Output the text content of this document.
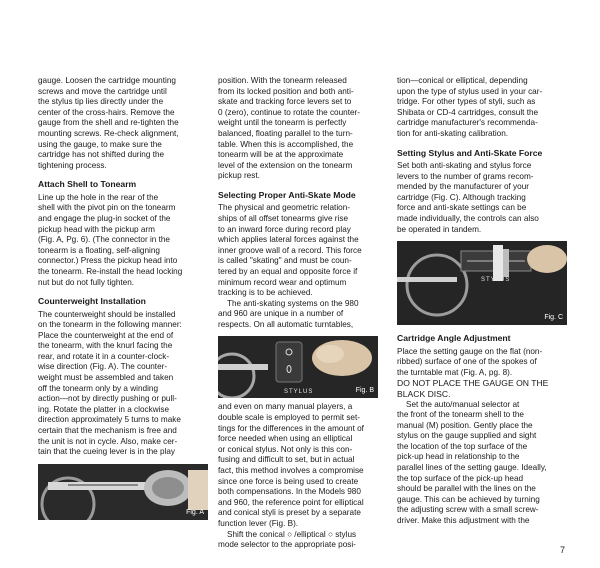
gauge. Loosen the cartridge mounting
screws and move the cartridge until
the stylus tip lies directly under the
center of the cross-hairs. Remove the
gauge from the shell and re-tighten the
mounting screws. Re-check alignment,
using the gauge, to make sure the
cartridge has not shifted during the
tightening process.

Attach Shell to Tonearm

Line up the hole in the rear of the
shell with the pivot pin on the tonearm
and engage the plug-in socket of the
pickup head with the pickup arm
(Fig. A, Pg. 6). (The connector in the
tonearm is a floating, self-aligning
connector.) Press the pickup head into
the tonearm. Re-install the head locking
nut but do not fully tighten.

Counterweight Installation

The counterweight should be installed
on the tonearm in the following manner:
Place the counterweight at the end of
the tonearm, with the knurl facing the
rear, and rotate it in a counter-clock-
wise direction (Fig. A). The counter-
weight must be assembled and taken
off the tonearm only by a winding
action—not by directly pushing or pull-
ing. Rotate the platter in a clockwise
direction approximately 5 turns to make
certain that the mechanism is free and
the unit is not in cycle. Also, make cer-
tain that the cueing lever is in the play

Fig. A

position. With the tonearm released
from its locked position and both anti-
skate and tracking force levers set to
0 (zero), continue to rotate the counter-
weight until the tonearm is perfectly
balanced, floating parallel to the turn-
table. When this is accomplished, the
tonearm will be at the approximate
level of the extension on the tonearm
pickup rest.

Selecting Proper Anti-Skate Mode

The physical and geometric relation-
ships of all offset tonearms give rise
to an inward force during record play
which applies lateral forces against the
inner groove wall of a record. This force
is called "skating" and must be coun-
tered by an equal and opposite force if
minimum record wear and optimum
tracking is to be achieved.

The anti-skating systems on the 980
and 960 are unique in a number of
respects. On all automatic turntables,

STYLUS	Fig. B

and even on many manual players, a
double scale is employed to permit set-
tings for the differences in the amount of
force needed when using an elliptical
or conical stylus. Not only is this con-
fusing and difficult to set, but in actual
fact, this method involves a compromise
since one force is being used to create
both compensations. In the Models 980
and 960, the reference point for elliptical
and conical styli is preset by a separate
function lever (Fig. B).

Shift the conical ○ /elliptical ○ stylus
mode selector to the appropriate posi-

tion—conical or elliptical, depending
upon the type of stylus used in your car-
tridge. For other types of styli, such as
Shibata or CD-4 cartridges, consult the
cartridge manufacturer's recommenda-
tion for anti-skating calibration.

Setting Stylus and Anti-Skate Force

Set both anti-skating and stylus force
levers to the number of grams recom-
mended by the manufacturer of your
cartridge (Fig. C). Although tracking
force and anti-skate settings can be
made individually, the controls can also
be operated in tandem.

STYLUS
Fig. C
Cartridge Angle Adjustment

Place the setting gauge on the flat (non-
ribbed) surface of one of the spokes of
the turntable mat (Fig. A, pg. 8).

DO NOT PLACE THE GAUGE ON THE
BLACK DISC.

Set the auto/manual selector at
the front of the tonearm shell to the
manual (M) position. Gently place the
stylus on the gauge supplied and sight
the location of the top surface of the
pick-up head in relationship to the
parallel lines of the setting gauge. Ideally,
the top surface of the pick-up head
should be parallel with the lines on the
gauge. This can be achieved by turning
the adjusting screw with a small screw-
driver. Make this adjustment with the

7
